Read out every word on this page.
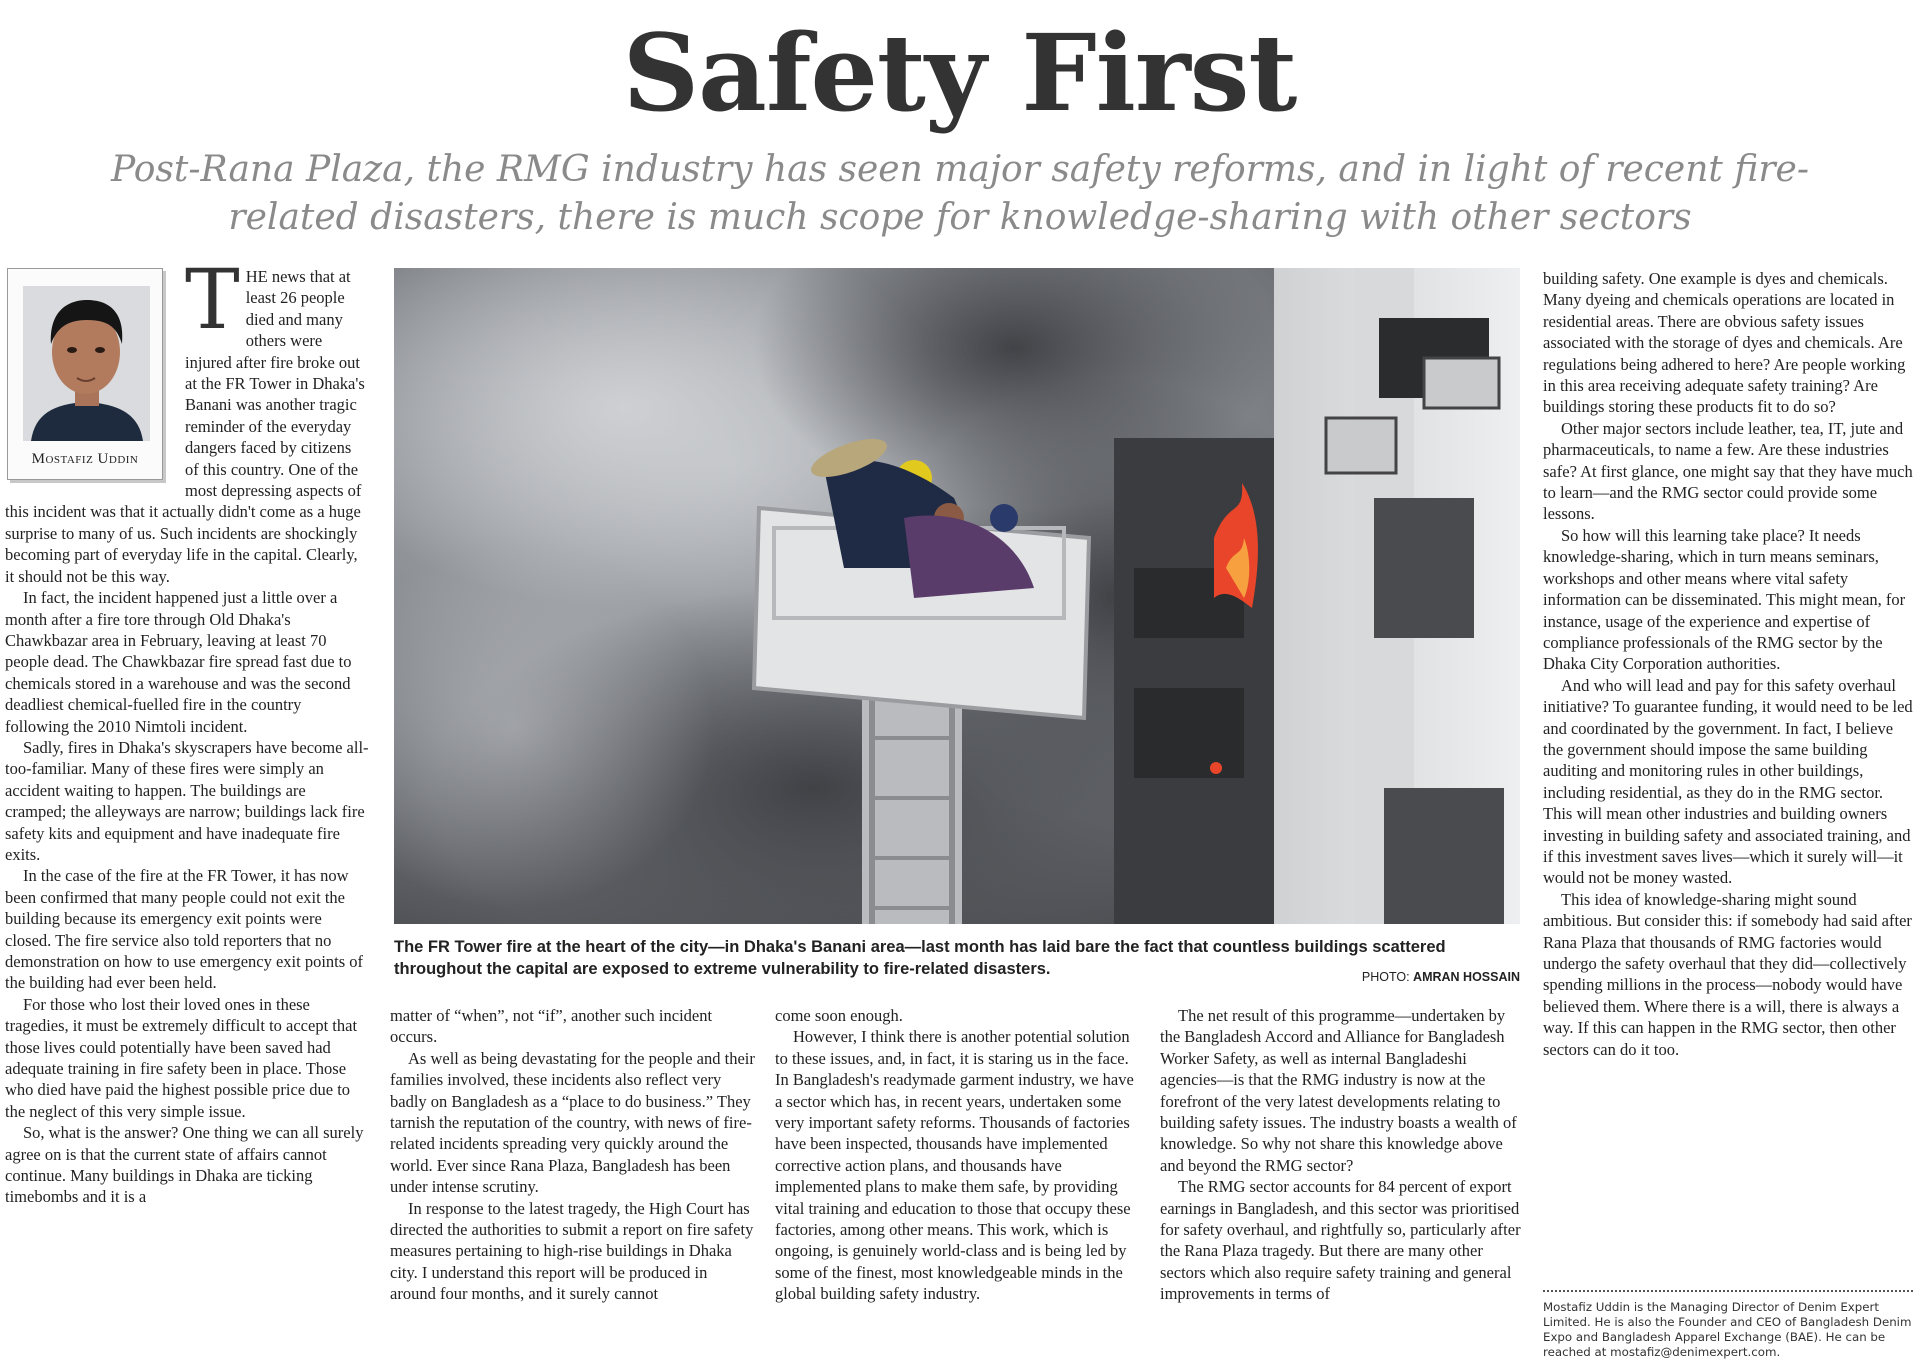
Safety First
Post-Rana Plaza, the RMG industry has seen major safety reforms, and in light of recent fire-related disasters, there is much scope for knowledge-sharing with other sectors
Mostafiz Uddin
T HE news that at least 26 people died and many others were injured after fire broke out at the FR Tower in Dhaka's Banani was another tragic reminder of the everyday dangers faced by citizens of this country. One of the most depressing aspects of this incident was that it actually didn't come as a huge surprise to many of us. Such incidents are shockingly becoming part of everyday life in the capital. Clearly, it should not be this way.

In fact, the incident happened just a little over a month after a fire tore through Old Dhaka's Chawkbazar area in February, leaving at least 70 people dead. The Chawkbazar fire spread fast due to chemicals stored in a warehouse and was the second deadliest chemical-fuelled fire in the country following the 2010 Nimtoli incident.

Sadly, fires in Dhaka's skyscrapers have become all-too-familiar. Many of these fires were simply an accident waiting to happen. The buildings are cramped; the alleyways are narrow; buildings lack fire safety kits and equipment and have inadequate fire exits.

In the case of the fire at the FR Tower, it has now been confirmed that many people could not exit the building because its emergency exit points were closed. The fire service also told reporters that no demonstration on how to use emergency exit points of the building had ever been held.

For those who lost their loved ones in these tragedies, it must be extremely difficult to accept that those lives could potentially have been saved had adequate training in fire safety been in place. Those who died have paid the highest possible price due to the neglect of this very simple issue.

So, what is the answer? One thing we can all surely agree on is that the current state of affairs cannot continue. Many buildings in Dhaka are ticking timebombs and it is a

The FR Tower fire at the heart of the city—in Dhaka's Banani area—last month has laid bare the fact that countless buildings scattered throughout the capital are exposed to extreme vulnerability to fire-related disasters.	PHOTO: AMRAN HOSSAIN

matter of “when”, not “if”, another such incident occurs.

As well as being devastating for the people and their families involved, these incidents also reflect very badly on Bangladesh as a “place to do business.” They tarnish the reputation of the country, with news of fire-related incidents spreading very quickly around the world. Ever since Rana Plaza, Bangladesh has been under intense scrutiny.

In response to the latest tragedy, the High Court has directed the authorities to submit a report on fire safety measures pertaining to high-rise buildings in Dhaka city. I understand this report will be produced in around four months, and it surely cannot

come soon enough.

However, I think there is another potential solution to these issues, and, in fact, it is staring us in the face. In Bangladesh's readymade garment industry, we have a sector which has, in recent years, undertaken some very important safety reforms. Thousands of factories have been inspected, thousands have implemented corrective action plans, and thousands have implemented plans to make them safe, by providing vital training and education to those that occupy these factories, among other means. This work, which is ongoing, is genuinely world-class and is being led by some of the finest, most knowledgeable minds in the global building safety industry.

The net result of this programme—undertaken by the Bangladesh Accord and Alliance for Bangladesh Worker Safety, as well as internal Bangladeshi agencies—is that the RMG industry is now at the forefront of the very latest developments relating to building safety issues. The industry boasts a wealth of knowledge. So why not share this knowledge above and beyond the RMG sector?

The RMG sector accounts for 84 percent of export earnings in Bangladesh, and this sector was prioritised for safety overhaul, and rightfully so, particularly after the Rana Plaza tragedy. But there are many other sectors which also require safety training and general improvements in terms of

building safety. One example is dyes and chemicals. Many dyeing and chemicals operations are located in residential areas. There are obvious safety issues associated with the storage of dyes and chemicals. Are regulations being adhered to here? Are people working in this area receiving adequate safety training? Are buildings storing these products fit to do so?

Other major sectors include leather, tea, IT, jute and pharmaceuticals, to name a few. Are these industries safe? At first glance, one might say that they have much to learn—and the RMG sector could provide some lessons.

So how will this learning take place? It needs knowledge-sharing, which in turn means seminars, workshops and other means where vital safety information can be disseminated. This might mean, for instance, usage of the experience and expertise of compliance professionals of the RMG sector by the Dhaka City Corporation authorities.

And who will lead and pay for this safety overhaul initiative? To guarantee funding, it would need to be led and coordinated by the government. In fact, I believe the government should impose the same building auditing and monitoring rules in other buildings, including residential, as they do in the RMG sector. This will mean other industries and building owners investing in building safety and associated training, and if this investment saves lives—which it surely will—it would not be money wasted.

This idea of knowledge-sharing might sound ambitious. But consider this: if somebody had said after Rana Plaza that thousands of RMG factories would undergo the safety overhaul that they did—collectively spending millions in the process—nobody would have believed them. Where there is a will, there is always a way. If this can happen in the RMG sector, then other sectors can do it too.

Mostafiz Uddin is the Managing Director of Denim Expert Limited. He is also the Founder and CEO of Bangladesh Denim Expo and Bangladesh Apparel Exchange (BAE). He can be reached at mostafiz@denimexpert.com.
